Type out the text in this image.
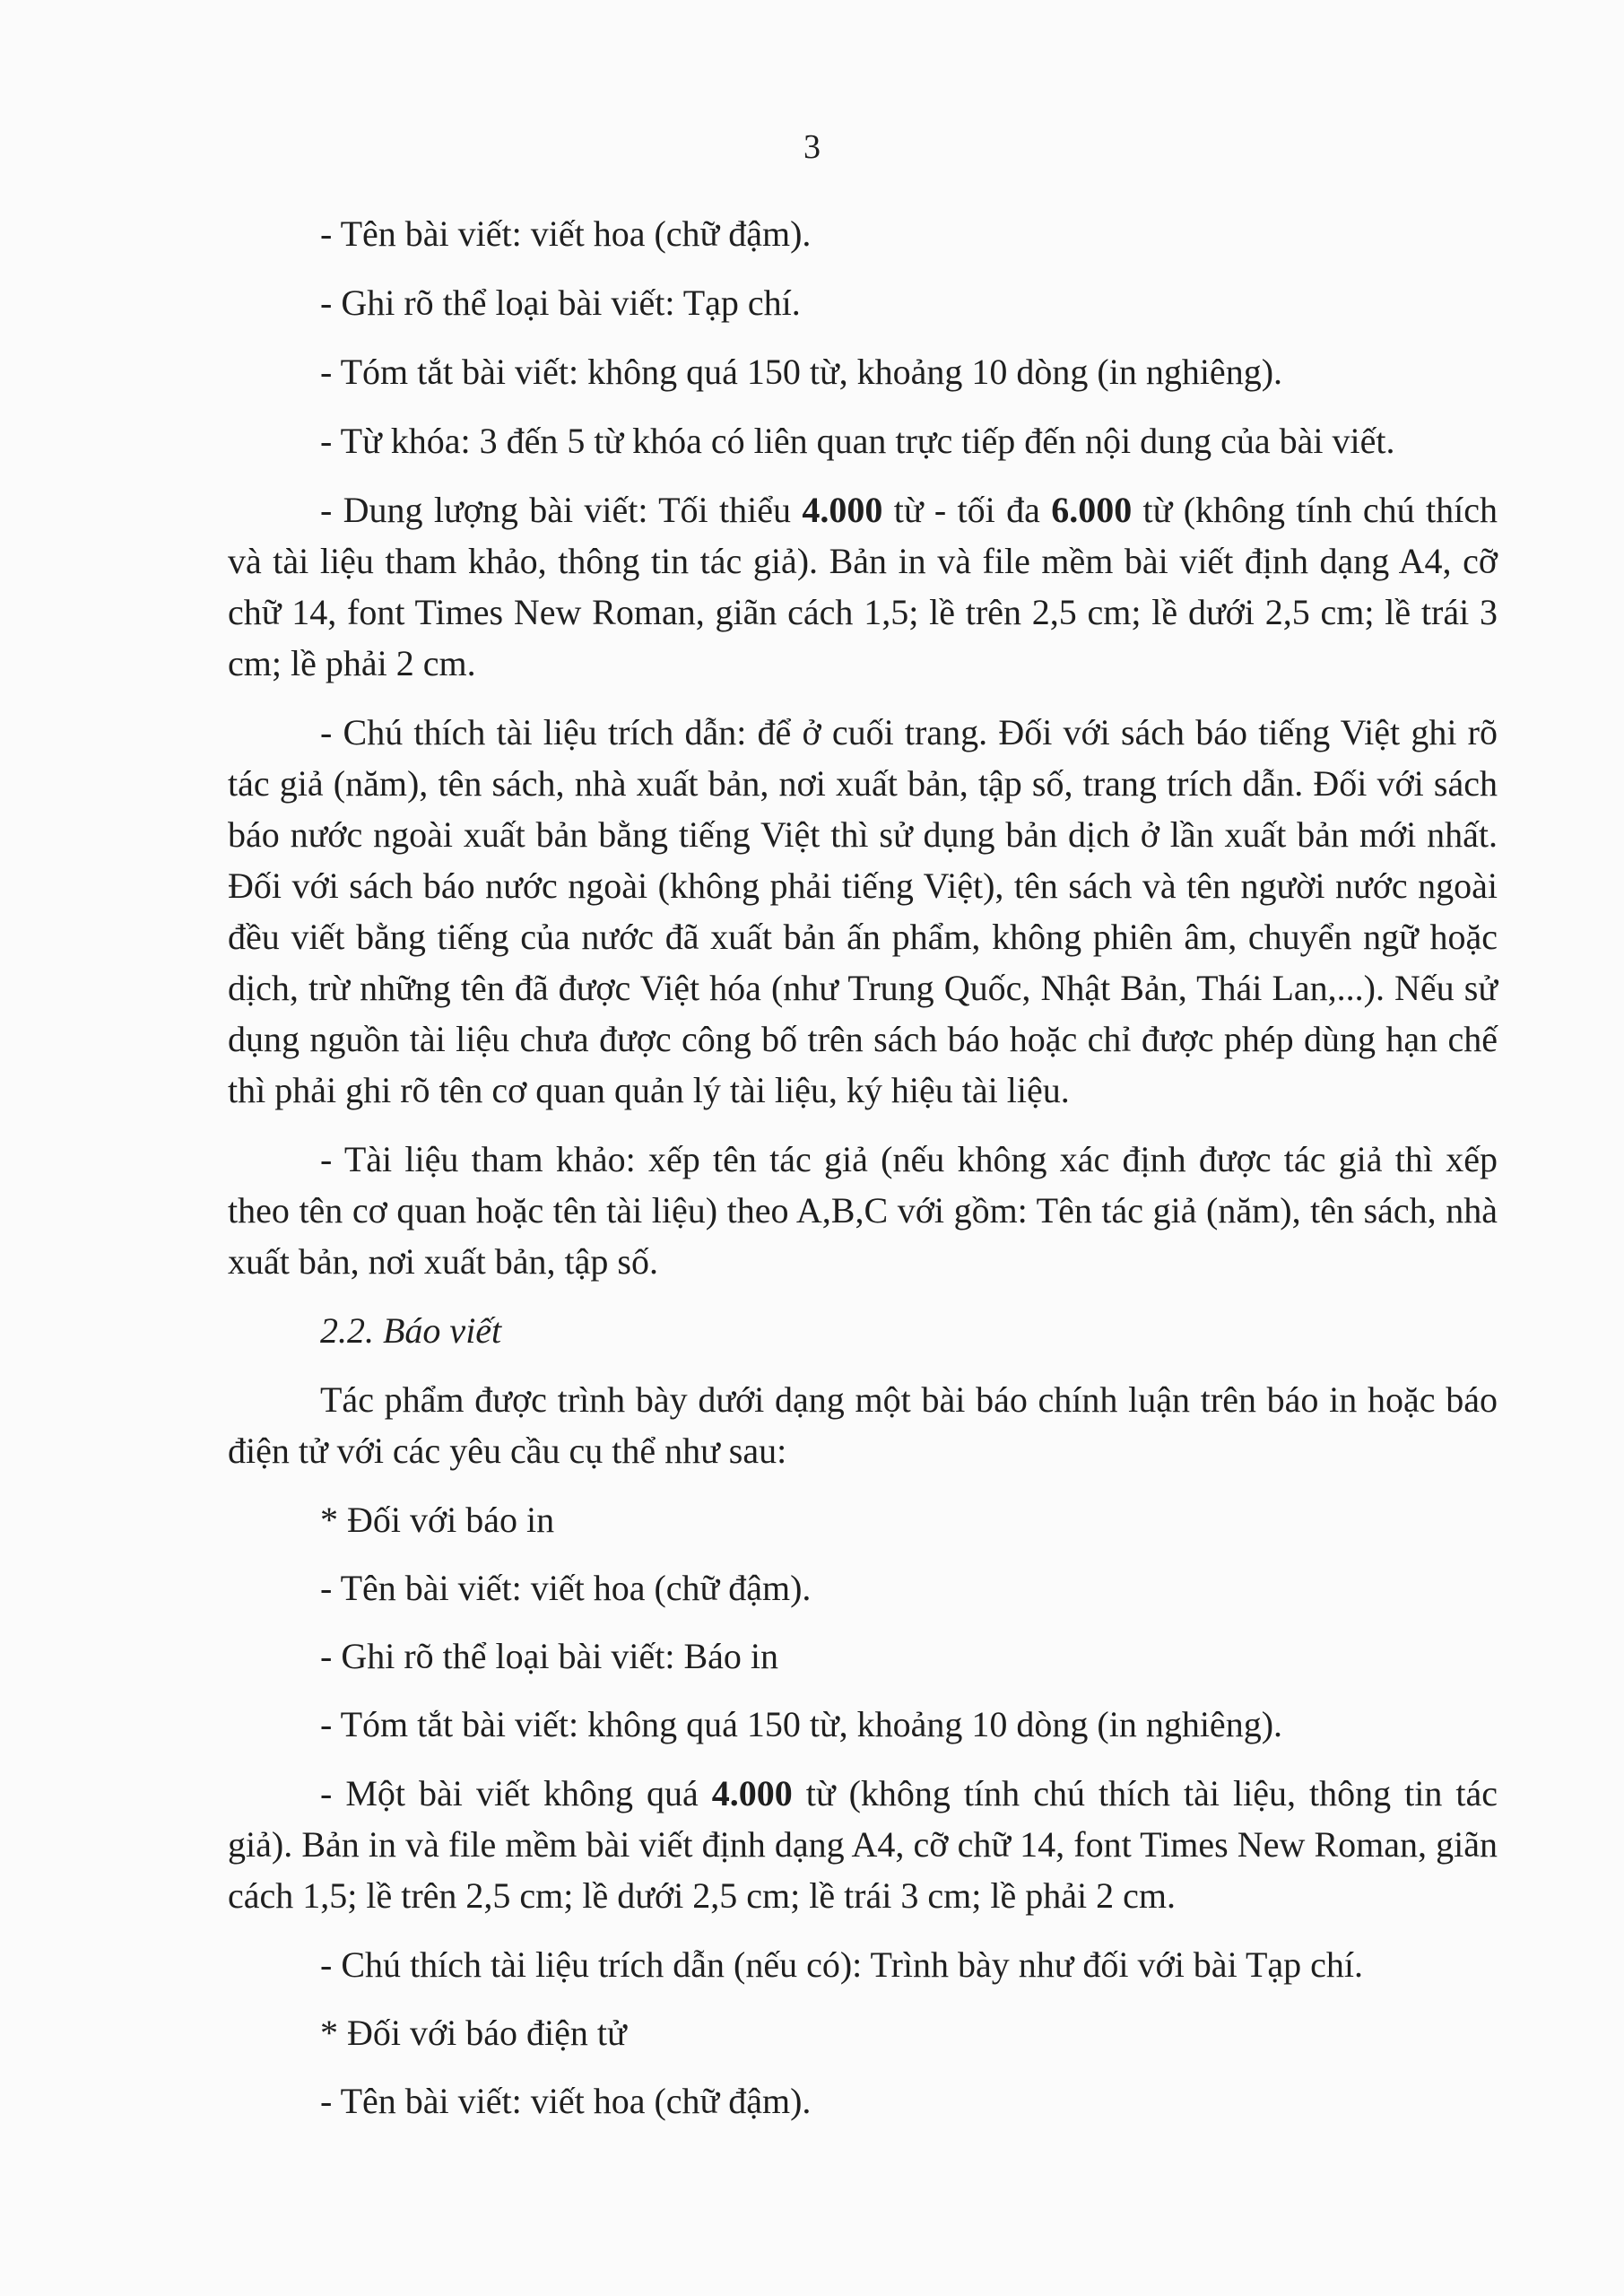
3

- Tên bài viết: viết hoa (chữ đậm).

- Ghi rõ thể loại bài viết: Tạp chí.

- Tóm tắt bài viết: không quá 150 từ, khoảng 10 dòng (in nghiêng).

- Từ khóa: 3 đến 5 từ khóa có liên quan trực tiếp đến nội dung của bài viết.

- Dung lượng bài viết: Tối thiểu 4.000 từ - tối đa 6.000 từ (không tính chú thích và tài liệu tham khảo, thông tin tác giả). Bản in và file mềm bài viết định dạng A4, cỡ chữ 14, font Times New Roman, giãn cách 1,5; lề trên 2,5 cm; lề dưới 2,5 cm; lề trái 3 cm; lề phải 2 cm.

- Chú thích tài liệu trích dẫn: để ở cuối trang. Đối với sách báo tiếng Việt ghi rõ tác giả (năm), tên sách, nhà xuất bản, nơi xuất bản, tập số, trang trích dẫn. Đối với sách báo nước ngoài xuất bản bằng tiếng Việt thì sử dụng bản dịch ở lần xuất bản mới nhất. Đối với sách báo nước ngoài (không phải tiếng Việt), tên sách và tên người nước ngoài đều viết bằng tiếng của nước đã xuất bản ấn phẩm, không phiên âm, chuyển ngữ hoặc dịch, trừ những tên đã được Việt hóa (như Trung Quốc, Nhật Bản, Thái Lan,...). Nếu sử dụng nguồn tài liệu chưa được công bố trên sách báo hoặc chỉ được phép dùng hạn chế thì phải ghi rõ tên cơ quan quản lý tài liệu, ký hiệu tài liệu.

- Tài liệu tham khảo: xếp tên tác giả (nếu không xác định được tác giả thì xếp theo tên cơ quan hoặc tên tài liệu) theo A,B,C với gồm: Tên tác giả (năm), tên sách, nhà xuất bản, nơi xuất bản, tập số.

2.2. Báo viết

Tác phẩm được trình bày dưới dạng một bài báo chính luận trên báo in hoặc báo điện tử với các yêu cầu cụ thể như sau:

* Đối với báo in

- Tên bài viết: viết hoa (chữ đậm).

- Ghi rõ thể loại bài viết: Báo in

- Tóm tắt bài viết: không quá 150 từ, khoảng 10 dòng (in nghiêng).

- Một bài viết không quá 4.000 từ (không tính chú thích tài liệu, thông tin tác giả). Bản in và file mềm bài viết định dạng A4, cỡ chữ 14, font Times New Roman, giãn cách 1,5; lề trên 2,5 cm; lề dưới 2,5 cm; lề trái 3 cm; lề phải 2 cm.

- Chú thích tài liệu trích dẫn (nếu có): Trình bày như đối với bài Tạp chí.

* Đối với báo điện tử

- Tên bài viết: viết hoa (chữ đậm).
